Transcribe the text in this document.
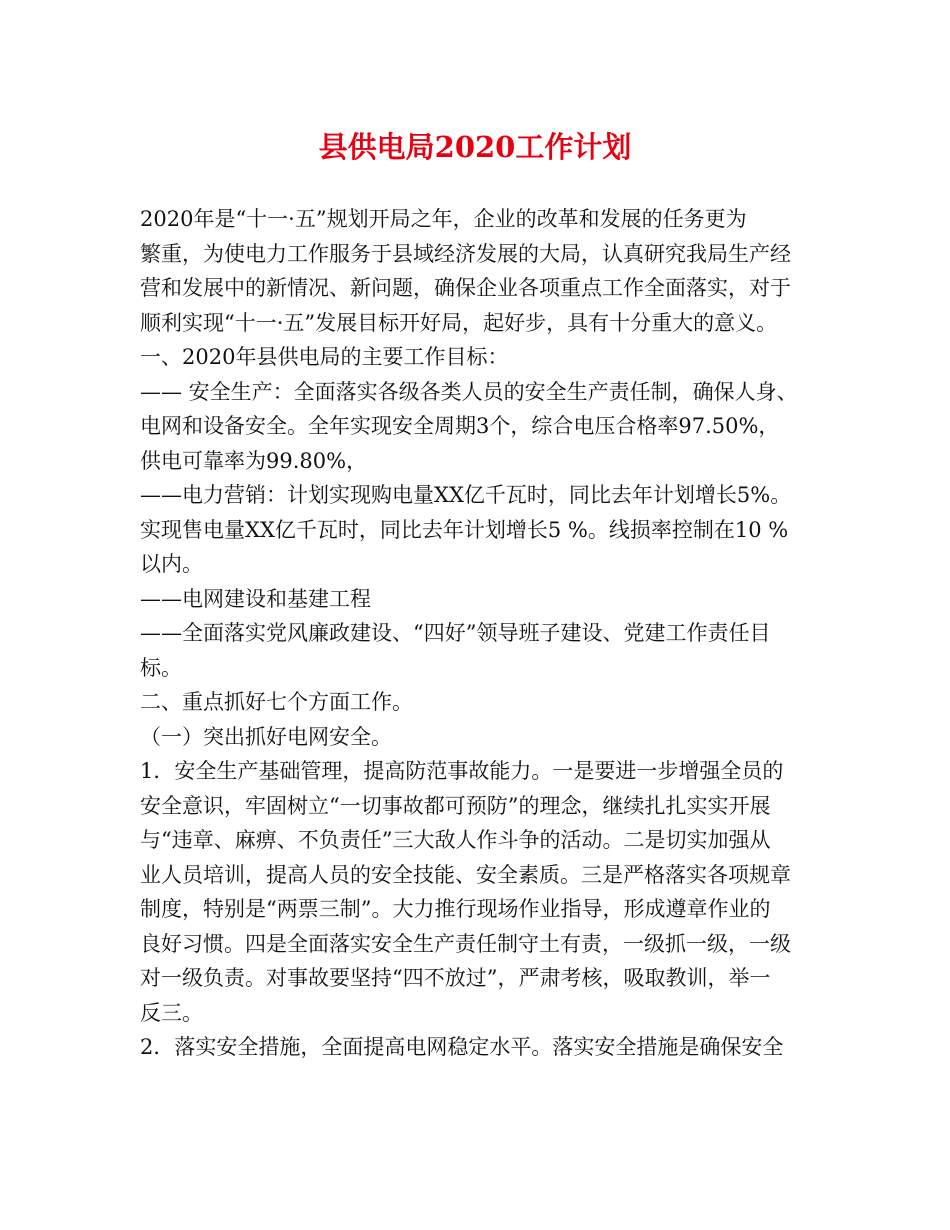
县供电局2020工作计划
2020年是“十一·五”规划开局之年，企业的改革和发展的任务更为
繁重，为使电力工作服务于县域经济发展的大局，认真研究我局生产经
营和发展中的新情况、新问题，确保企业各项重点工作全面落实，对于
顺利实现“十一·五”发展目标开好局，起好步，具有十分重大的意义。
一、2020年县供电局的主要工作目标：
—— 安全生产：全面落实各级各类人员的安全生产责任制，确保人身、
电网和设备安全。全年实现安全周期3个，综合电压合格率97.50%，
供电可靠率为99.80%，
——电力营销：计划实现购电量XX亿千瓦时，同比去年计划增长5%。
实现售电量XX亿千瓦时，同比去年计划增长5 %。线损率控制在10 %
以内。
——电网建设和基建工程
——全面落实党风廉政建设、“四好”领导班子建设、党建工作责任目
标。
二、重点抓好七个方面工作。
（一）突出抓好电网安全。
1．安全生产基础管理，提高防范事故能力。一是要进一步增强全员的
安全意识，牢固树立“一切事故都可预防”的理念，继续扎扎实实开展
与“违章、麻痹、不负责任”三大敌人作斗争的活动。二是切实加强从
业人员培训，提高人员的安全技能、安全素质。三是严格落实各项规章
制度，特别是“两票三制”。大力推行现场作业指导，形成遵章作业的
良好习惯。四是全面落实安全生产责任制守土有责，一级抓一级，一级
对一级负责。对事故要坚持“四不放过”，严肃考核，吸取教训，举一
反三。
2．落实安全措施，全面提高电网稳定水平。落实安全措施是确保安全
